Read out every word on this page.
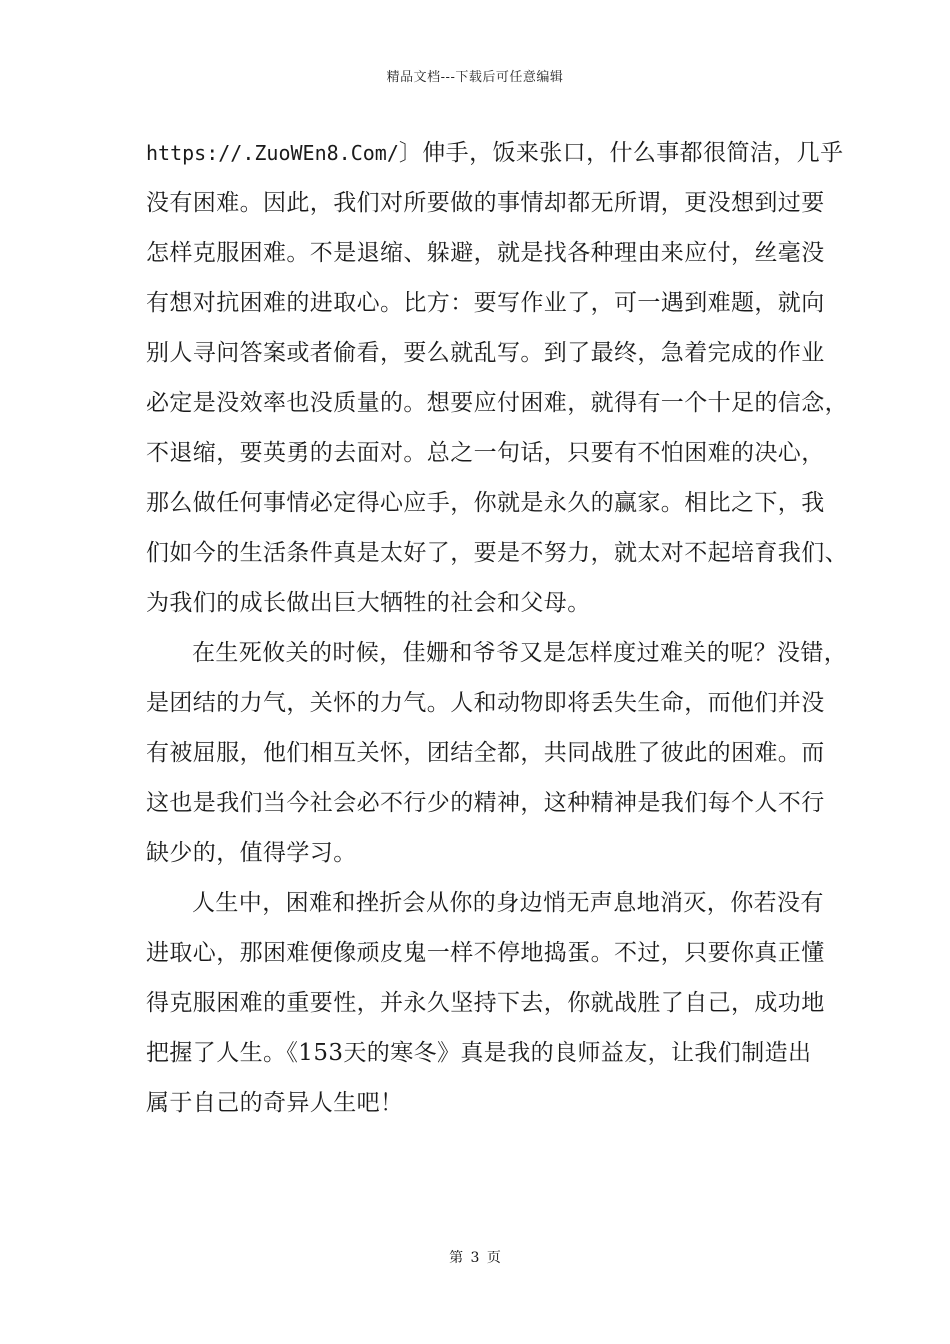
精品文档---下载后可任意编辑
https://.ZuoWEn8.Com/〕伸手，饭来张口，什么事都很简洁，几乎
没有困难。因此，我们对所要做的事情却都无所谓，更没想到过要
怎样克服困难。不是退缩、躲避，就是找各种理由来应付，丝毫没
有想对抗困难的进取心。比方：要写作业了，可一遇到难题，就向
别人寻问答案或者偷看，要么就乱写。到了最终，急着完成的作业
必定是没效率也没质量的。想要应付困难，就得有一个十足的信念，
不退缩，要英勇的去面对。总之一句话，只要有不怕困难的决心，
那么做任何事情必定得心应手，你就是永久的赢家。相比之下，我
们如今的生活条件真是太好了，要是不努力，就太对不起培育我们、
为我们的成长做出巨大牺牲的社会和父母。
在生死攸关的时候，佳姗和爷爷又是怎样度过难关的呢？没错，
是团结的力气，关怀的力气。人和动物即将丢失生命，而他们并没
有被屈服，他们相互关怀，团结全都，共同战胜了彼此的困难。而
这也是我们当今社会必不行少的精神，这种精神是我们每个人不行
缺少的，值得学习。
人生中，困难和挫折会从你的身边悄无声息地消灭，你若没有
进取心，那困难便像顽皮鬼一样不停地捣蛋。不过，只要你真正懂
得克服困难的重要性，并永久坚持下去，你就战胜了自己，成功地
把握了人生。《153天的寒冬》真是我的良师益友，让我们制造出
属于自己的奇异人生吧！
第 3 页
